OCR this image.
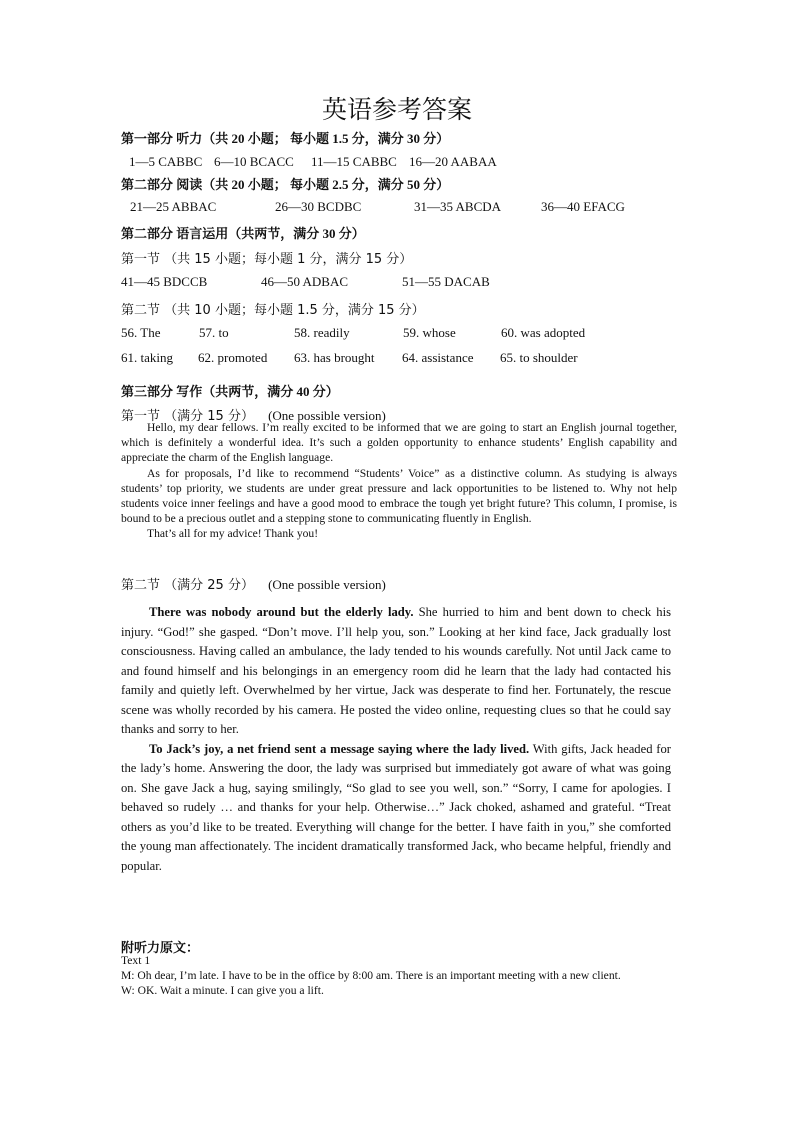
英语参考答案
第一部分 听力（共 20 小题； 每小题 1.5 分，满分 30 分）
1—5 CABBC 6—10 BCACC 11—15 CABBC 16—20 AABAA
第二部分 阅读（共 20 小题； 每小题 2.5 分，满分 50 分）
21—25 ABBAC	26—30 BCDBC	31—35 ABCDA	36—40 EFACG
第二部分 语言运用（共两节，满分 30 分）
第一节 （共 15 小题；每小题 1 分，满分 15 分）
41—45 BDCCB	46—50 ADBAC	51—55 DACAB
第二节 （共 10 小题；每小题 1.5 分，满分 15 分）
56. The	57. to	58. readily	59. whose	60. was adopted
61. taking 62. promoted 63. has brought 64. assistance 65. to shoulder
第三部分 写作（共两节，满分 40 分）
第一节 （满分 15 分） (One possible version)

Hello, my dear fellows. I’m really excited to be informed that we are going to start an English journal together, which is definitely a wonderful idea. It’s such a golden opportunity to enhance students’ English capability and appreciate the charm of the English language.

As for proposals, I’d like to recommend “Students’ Voice” as a distinctive column. As studying is always students’ top priority, we students are under great pressure and lack opportunities to be listened to. Why not help students voice inner feelings and have a good mood to embrace the tough yet bright future? This column, I promise, is bound to be a precious outlet and a stepping stone to communicating fluently in English.

That’s all for my advice! Thank you!

第二节 （满分 25 分） (One possible version)

There was nobody around but the elderly lady. She hurried to him and bent down to check his injury. “God!” she gasped. “Don’t move. I’ll help you, son.” Looking at her kind face, Jack gradually lost consciousness. Having called an ambulance, the lady tended to his wounds carefully. Not until Jack came to and found himself and his belongings in an emergency room did he learn that the lady had contacted his family and quietly left. Overwhelmed by her virtue, Jack was desperate to find her. Fortunately, the rescue scene was wholly recorded by his camera. He posted the video online, requesting clues so that he could say thanks and sorry to her.

To Jack’s joy, a net friend sent a message saying where the lady lived. With gifts, Jack headed for the lady’s home. Answering the door, the lady was surprised but immediately got aware of what was going on. She gave Jack a hug, saying smilingly, “So glad to see you well, son.” “Sorry, I came for apologies. I behaved so rudely … and thanks for your help. Otherwise…” Jack choked, ashamed and grateful. “Treat others as you’d like to be treated. Everything will change for the better. I have faith in you,” she comforted the young man affectionately. The incident dramatically transformed Jack, who became helpful, friendly and popular.

附听力原文：
Text 1
M: Oh dear, I’m late. I have to be in the office by 8:00 am. There is an important meeting with a new client.
W: OK. Wait a minute. I can give you a lift.
